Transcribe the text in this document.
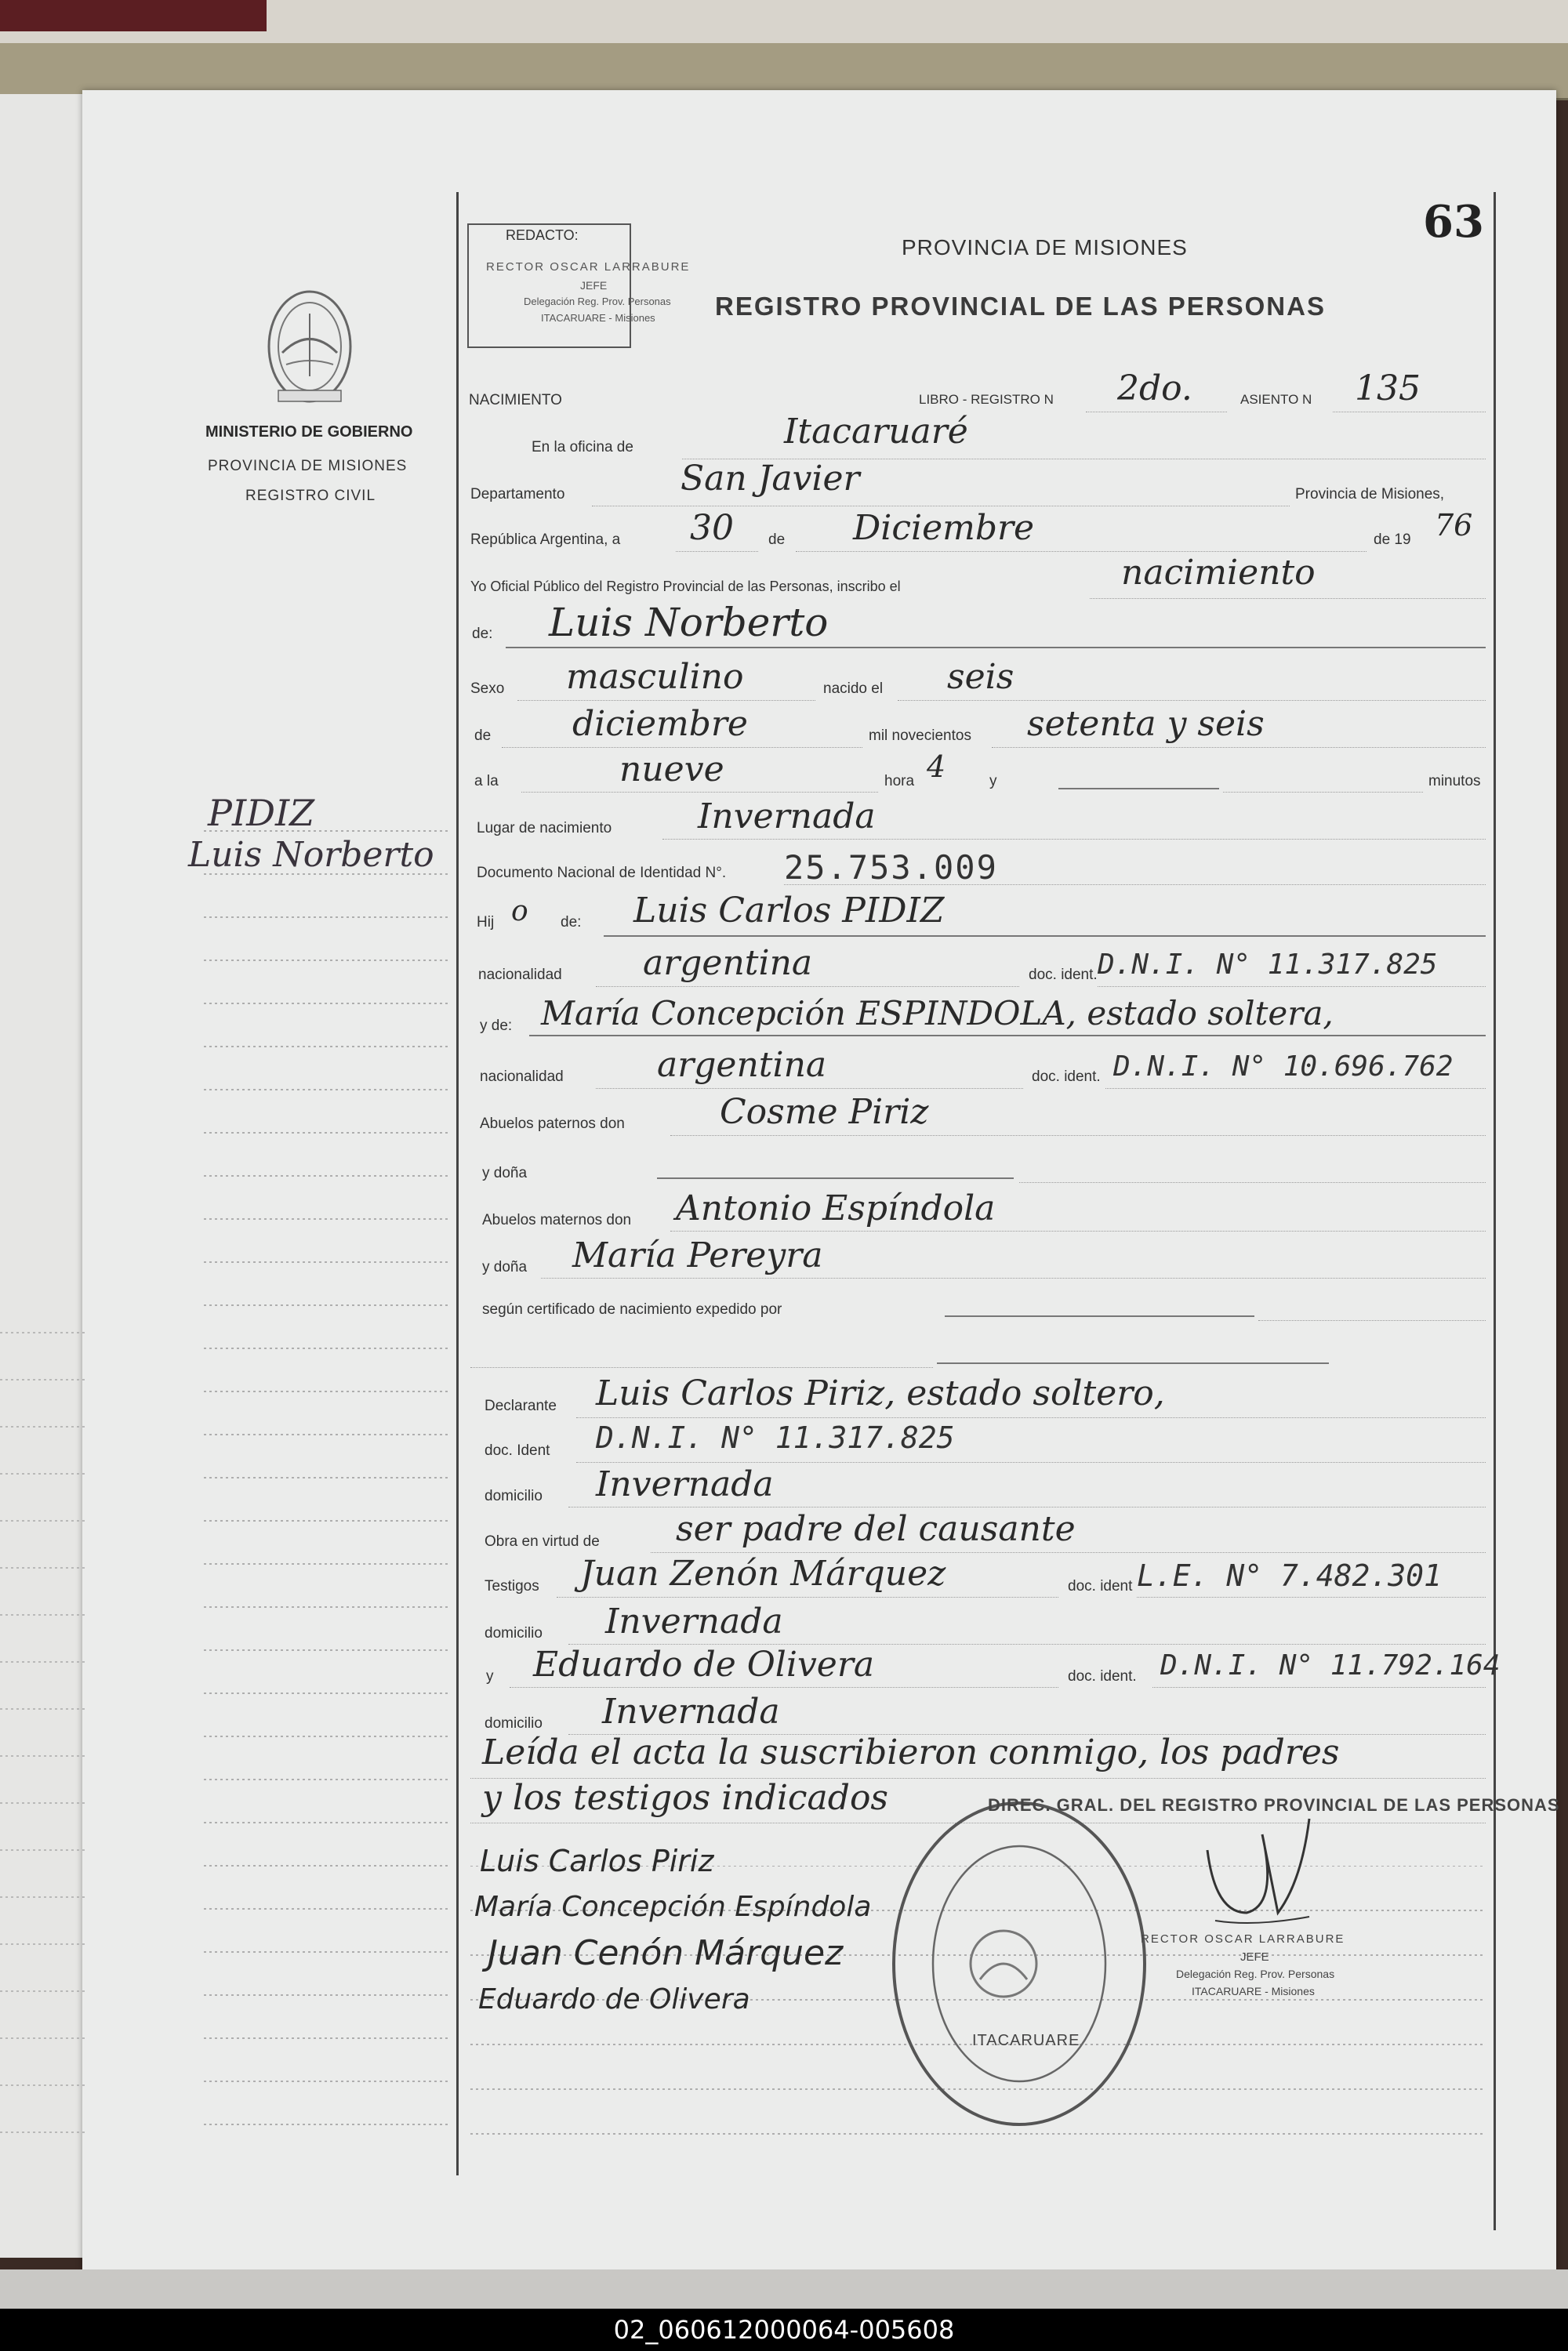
02_060612000064-005608
63
REDACTO:
RECTOR OSCAR LARRABURE
JEFE
Delegación Reg. Prov. Personas
ITACARUARE - Misiones
PROVINCIA DE MISIONES
REGISTRO PROVINCIAL DE LAS PERSONAS
MINISTERIO DE GOBIERNO
PROVINCIA DE MISIONES
REGISTRO CIVIL
PIDIZ
Luis Norberto
NACIMIENTO	LIBRO - REGISTRO N 2do.	ASIENTO N 135
En la oficina de	Itacaruaré
Departamento	San Javier	Provincia de Misiones,
República Argentina, a 30 de Diciembre	de 19 76
Yo Oficial Público del Registro Provincial de las Personas, inscribo el	nacimiento
de: Luis Norberto
Sexo masculino	nacido el seis
de diciembre	mil novecientos setenta y seis
a la	nueve	hora 4	y	minutos
Lugar de nacimiento Invernada
Documento Nacional de Identidad N°. 25.753.009
Hij o de: Luis Carlos PIDIZ
nacionalidad argentina	doc. ident. D.N.I. N° 11.317.825
y de: María Concepción ESPINDOLA, estado soltera,
nacionalidad	argentina	doc. ident. D.N.I. N° 10.696.762
Abuelos paternos don	Cosme Piriz
y doña
Abuelos maternos don Antonio Espíndola
y doña María Pereyra
según certificado de nacimiento expedido por
Declarante Luis Carlos Piriz, estado soltero,
doc. Ident D.N.I. N° 11.317.825
domicilio Invernada
Obra en virtud de ser padre del causante
Testigos Juan Zenón Márquez	doc. ident L.E. N° 7.482.301
domicilio Invernada
y Eduardo de Olivera	doc. ident. D.N.I. N° 11.792.164
domicilio Invernada
Leída el acta la suscribieron conmigo, los padres
y los testigos indicados
Luis Carlos Piriz
María Concepción Espíndola
Juan Cenón Márquez
Eduardo de Olivera
DIREC. GRAL. DEL REGISTRO PROVINCIAL DE LAS PERSONAS
ITACARUARE
RECTOR OSCAR LARRABURE
JEFE
Delegación Reg. Prov. Personas
ITACARUARE - Misiones
